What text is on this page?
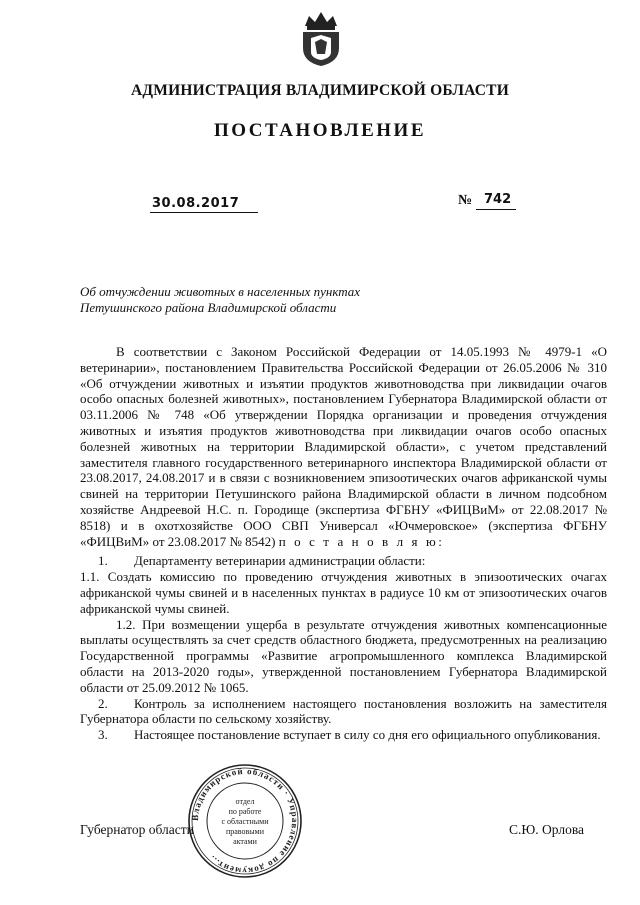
АДМИНИСТРАЦИЯ ВЛАДИМИРСКОЙ ОБЛАСТИ
ПОСТАНОВЛЕНИЕ
30.08.2017	№ 742
Об отчуждении животных в населенных пунктах
Петушинского района Владимирской области

В соответствии с Законом Российской Федерации от 14.05.1993 № 4979-1 «О ветеринарии», постановлением Правительства Российской Федерации от 26.05.2006 № 310 «Об отчуждении животных и изъятии продуктов животноводства при ликвидации очагов особо опасных болезней животных», постановлением Губернатора Владимирской области от 03.11.2006 № 748 «Об утверждении Порядка организации и проведения отчуждения животных и изъятия продуктов животноводства при ликвидации очагов особо опасных болезней животных на территории Владимирской области», с учетом представлений заместителя главного государственного ветеринарного инспектора Владимирской области от 23.08.2017, 24.08.2017 и в связи с возникновением эпизоотических очагов африканской чумы свиней на территории Петушинского района Владимирской области в личном подсобном хозяйстве Андреевой Н.С. п. Городище (экспертиза ФГБНУ «ФИЦВиМ» от 22.08.2017 № 8518) и в охотхозяйстве ООО СВП Универсал «Ючмеровское» (экспертиза ФГБНУ «ФИЦВиМ» от 23.08.2017 № 8542) п о с т а н о в л я ю:

1. Департаменту ветеринарии администрации области:

1.1. Создать комиссию по проведению отчуждения животных в эпизоотических очагах африканской чумы свиней и в населенных пунктах в радиусе 10 км от эпизоотических очагов африканской чумы свиней.

1.2. При возмещении ущерба в результате отчуждения животных компенсационные выплаты осуществлять за счет средств областного бюджета, предусмотренных на реализацию Государственной программы «Развитие агропромышленного комплекса Владимирской области на 2013-2020 годы», утвержденной постановлением Губернатора Владимирской области от 25.09.2012 № 1065.

2. Контроль за исполнением настоящего постановления возложить на заместителя Губернатора области по сельскому хозяйству.

3. Настоящее постановление вступает в силу со дня его официального опубликования.

Владимирской области · Управление по документ...
отдел
по работе
с областными
правовыми
актами
Губернатор области	С.Ю. Орлова
